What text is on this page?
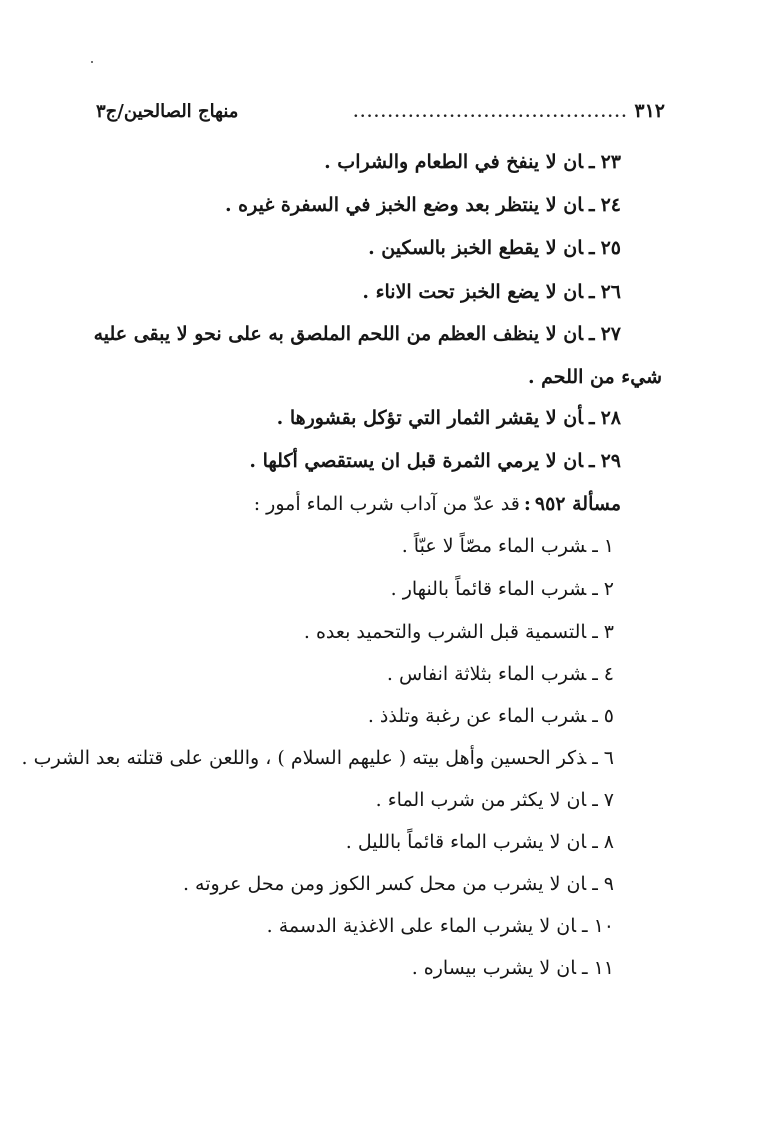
٣١٢
........................................
منهاج الصالحين/ج٣
٢٣ـان لا ينفخ في الطعام والشراب .
٢٤ـان لا ينتظر بعد وضع الخبز في السفرة غيره .
٢٥ـان لا يقطع الخبز بالسكين .
٢٦ـان لا يضع الخبز تحت الاناء .
٢٧ـان لا ينظف العظم من اللحم الملصق به على نحو لا يبقى عليه
شيء من اللحم .
٢٨ـأن لا يقشر الثمار التي تؤكل بقشورها .
٢٩ـان لا يرمي الثمرة قبل ان يستقصي أكلها .
مسألة ٩٥٢:قد عدّ من آداب شرب الماء أمور :
١ـشرب الماء مصّاً لا عبّاً .
٢ـشرب الماء قائماً بالنهار .
٣ـالتسمية قبل الشرب والتحميد بعده .
٤ـشرب الماء بثلاثة انفاس .
٥ـشرب الماء عن رغبة وتلذذ .
٦ـذكر الحسين وأهل بيته ( عليهم السلام ) ، واللعن على قتلته بعد الشرب .
٧ـان لا يكثر من شرب الماء .
٨ـان لا يشرب الماء قائماً بالليل .
٩ـان لا يشرب من محل كسر الكوز ومن محل عروته .
١٠ـان لا يشرب الماء على الاغذية الدسمة .
١١ـان لا يشرب بيساره .
